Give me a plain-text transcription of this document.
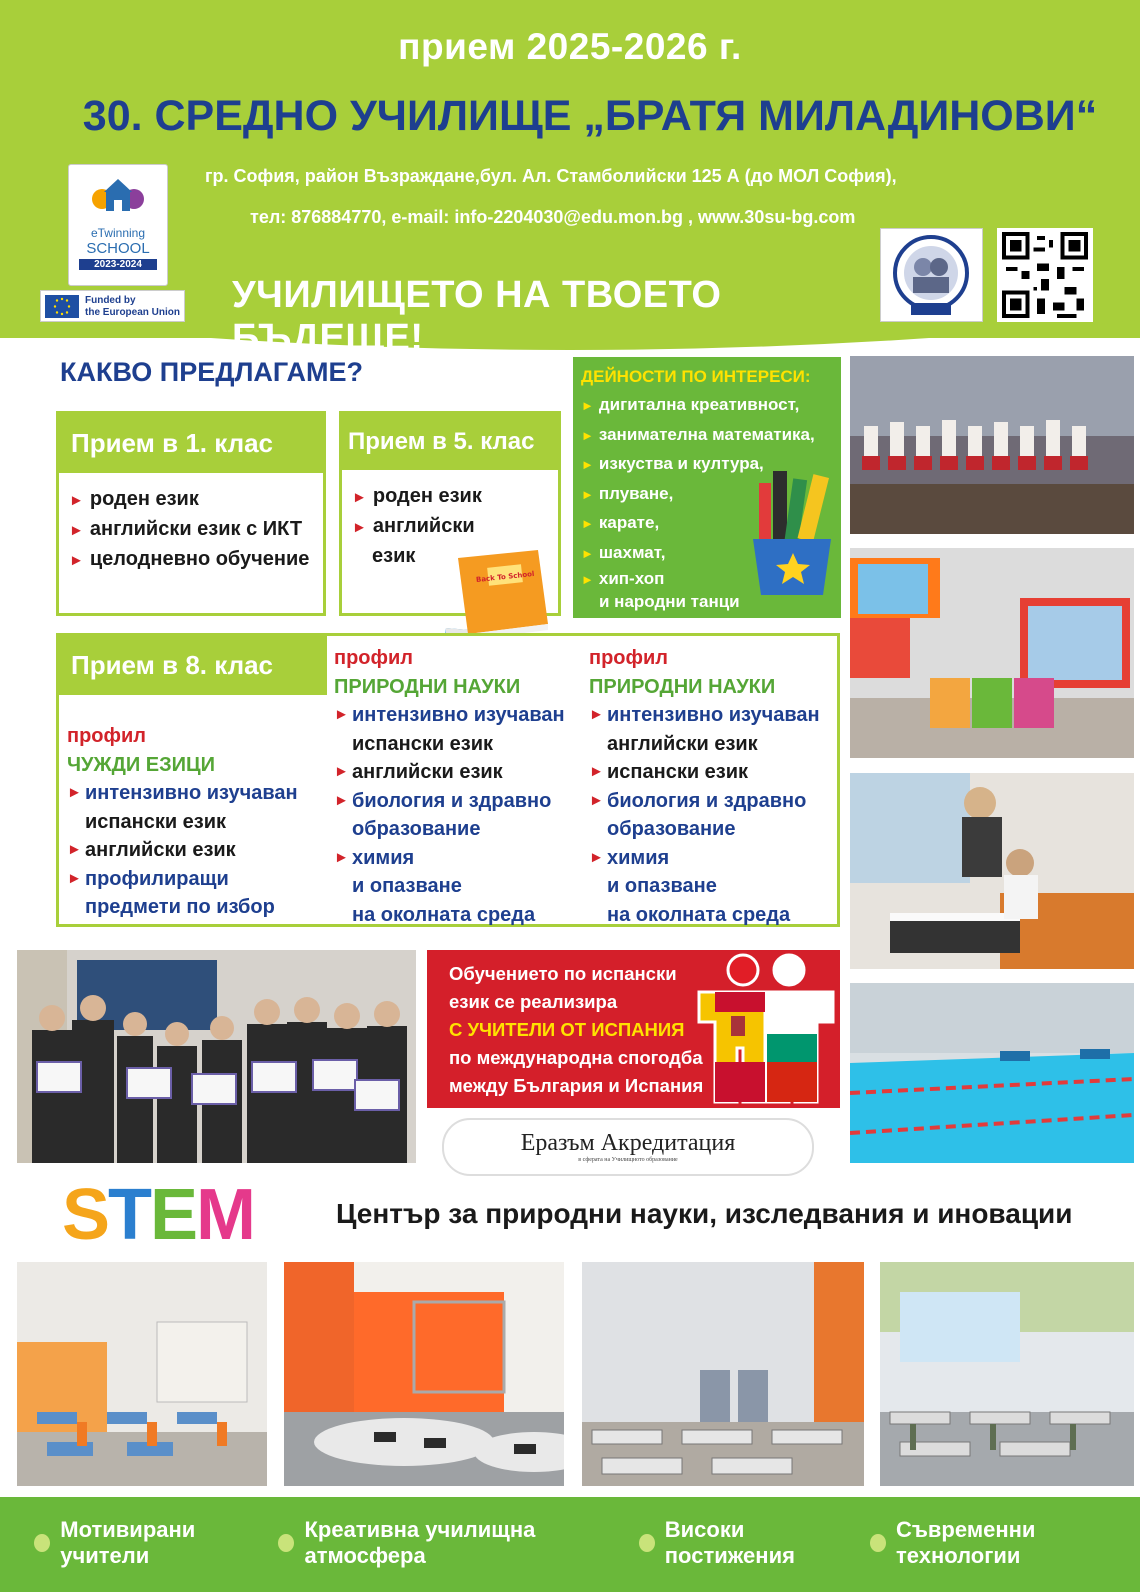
прием 2025-2026 г.
30. СРЕДНО УЧИЛИЩЕ „БРАТЯ МИЛАДИНОВИ“
гр. София, район Възраждане,бул. Ал. Стамболийски 125 А (до МОЛ София),
тел: 876884770, e-mail: info-2204030@edu.mon.bg , www.30su-bg.com
УЧИЛИЩЕТО НА ТВОЕТО БЪДЕЩЕ!
eTwinning
SCHOOL
2023-2024
Funded by
the European Union
КАКВО ПРЕДЛАГАМЕ?
Прием в 1. клас
► роден език
► английски език с ИКТ
► целодневно обучение
Прием в 5. клас
► роден език
► английски
език
Back To School
ДЕЙНОСТИ ПО ИНТЕРЕСИ:
► дигитална креативност,
► занимателна математика,
► изкуства и култура,
► плуване,
► карате,
► шахмат,
► хип-хоп
и народни танци
Прием в 8. клас
профил
ЧУЖДИ ЕЗИЦИ
► интензивно изучаван
испански език
► английски език
► профилиращи
предмети по избор
профил
ПРИРОДНИ НАУКИ
► интензивно изучаван
испански език
► английски език
► биология и здравно
образование
► химия
и опазване
на околната среда
профил
ПРИРОДНИ НАУКИ
► интензивно изучаван
английски език
► испански език
► биология и здравно
образование
► химия
и опазване
на околната среда
Обучението по испански
език се реализира
С УЧИТЕЛИ ОТ ИСПАНИЯ
по международна спогодба
между България и Испания
Еразъм Акредитация
в сферата на Училищното образование
STEM	Център за природни науки, изследвания и иновации
Мотивирани учители
Креативна училищна атмосфера
Високи постижения
Съвременни технологии
